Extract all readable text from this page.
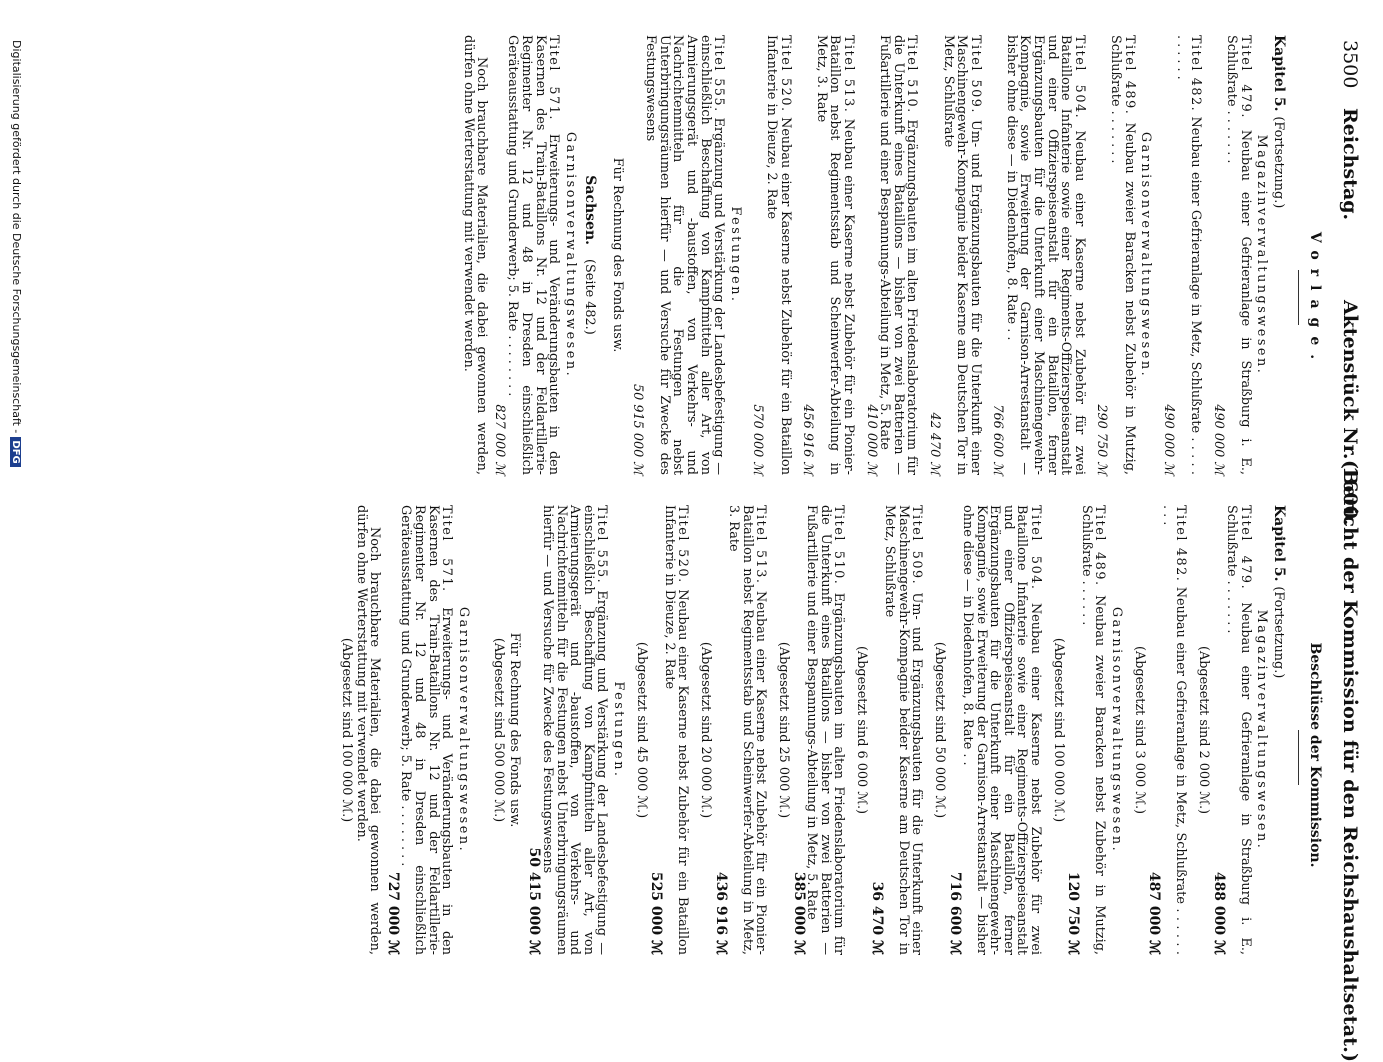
3500
Reichstag.
Aktenstück Nr. 1600.
(Bericht der Kommission für den Reichshaushaltsetat.)
Vorlage.
Beschlüsse der Kommission.
Kapitel 5. (Fortsetzung.)
Magazinverwaltungswesen.
Titel 479. Neubau einer Gefrieranlage in Straßburg i. E., Schlußrate . . . . . . .
490 000 ℳ
Titel 482. Neubau einer Gefrieranlage in Metz, Schlußrate . . . . . . . . . . .
490 000 ℳ
Garnisonverwaltungswesen.
Titel 489. Neubau zweier Baracken nebst Zubehör in Mutzig, Schlußrate . . . . . . .
290 750 ℳ
Titel 504. Neubau einer Kaserne nebst Zubehör für zwei Bataillone Infanterie sowie einer Regiments-Offizierspeiseanstalt und einer Offizierspeiseanstalt für ein Bataillon, ferner Ergänzungsbauten für die Unterkunft einer Maschinengewehr-Kompagnie, sowie Erweiterung der Garnison-Arrestanstalt — bisher ohne diese — in Diedenhofen, 8. Rate . .
766 600 ℳ
Titel 509. Um- und Ergänzungsbauten für die Unterkunft einer Maschinengewehr-Kompagnie beider Kaserne am Deutschen Tor in Metz, Schlußrate
42 470 ℳ
Titel 510. Ergänzungsbauten im alten Friedenslaboratorium für die Unterkunft eines Bataillons — bisher von zwei Batterien — Fußartillerie und einer Bespannungs-Abteilung in Metz, 5. Rate
410 000 ℳ
Titel 513. Neubau einer Kaserne nebst Zubehör für ein Pionier-Bataillon nebst Regimentsstab und Scheinwerfer-Abteilung in Metz, 3. Rate
456 916 ℳ
Titel 520. Neubau einer Kaserne nebst Zubehör für ein Bataillon Infanterie in Dieuze, 2. Rate
570 000 ℳ
Festungen.
Titel 555. Ergänzung und Verstärkung der Landesbefestigung — einschließlich Beschaffung von Kampfmitteln aller Art, von Armierungsgerät und -baustoffen, von Verkehrs- und Nachrichtenmitteln für die Festungen nebst Unterbringungsräumen hierfür — und Versuche für Zwecke des Festungswesens
50 915 000 ℳ
Für Rechnung des Fonds usw.
Sachsen.(Seite 482.)
Garnisonverwaltungswesen.
Titel 571. Erweiterungs- und Veränderungsbauten in den Kasernen des Train-Bataillons Nr. 12 und der Feldartillerie-Regimenter Nr. 12 und 48 in Dresden einschließlich Geräteausstattung und Grunderwerb; 5. Rate . . . . . . . .
827 000 ℳ
Noch brauchbare Materialien, die dabei gewonnen werden, dürfen ohne Werterstattung mit verwendet werden.
Kapitel 5. (Fortsetzung.)
Magazinverwaltungswesen.
Titel 479. Neubau einer Gefrieranlage in Straßburg i. E., Schlußrate . . . . . . .
488 000 ℳ
(Abgesetzt sind 2 000 ℳ.)
Titel 482. Neubau einer Gefrieranlage in Metz, Schlußrate . . . . . . . . .
487 000 ℳ
(Abgesetzt sind 3 000 ℳ.)
Garnisonverwaltungswesen.
Titel 489. Neubau zweier Baracken nebst Zubehör in Mutzig, Schlußrate . . . . . .
120 750 ℳ
(Abgesetzt sind 100 000 ℳ.)
Titel 504. Neubau einer Kaserne nebst Zubehör für zwei Bataillone Infanterie sowie einer Regiments-Offizierspeiseanstalt und einer Offizierspeiseanstalt für ein Bataillon, ferner Ergänzungsbauten für die Unterkunft einer Maschinengewehr-Kompagnie, sowie Erweiterung der Garnison-Arrestanstalt — bisher ohne diese — in Diedenhofen, 8. Rate . .
716 600 ℳ
(Abgesetzt sind 50 000 ℳ.)
Titel 509. Um- und Ergänzungsbauten für die Unterkunft einer Maschinengewehr-Kompagnie beider Kaserne am Deutschen Tor in Metz, Schlußrate
36 470 ℳ
(Abgesetzt sind 6 000 ℳ.)
Titel 510. Ergänzungsbauten im alten Friedenslaboratorium für die Unterkunft eines Bataillons — bisher von zwei Batterien — Fußartillerie und einer Bespannungs-Abteilung in Metz, 5. Rate
385 000 ℳ
(Abgesetzt sind 25 000 ℳ.)
Titel 513. Neubau einer Kaserne nebst Zubehör für ein Pionier-Bataillon nebst Regimentsstab und Scheinwerfer-Abteilung in Metz, 3. Rate
436 916 ℳ
(Abgesetzt sind 20 000 ℳ.)
Titel 520. Neubau einer Kaserne nebst Zubehör für ein Bataillon Infanterie in Dieuze, 2. Rate
525 000 ℳ
(Abgesetzt sind 45 000 ℳ.)
Festungen.
Titel 555. Ergänzung und Verstärkung der Landesbefestigung — einschließlich Beschaffung von Kampfmitteln aller Art, von Armierungsgerät und -baustoffen, von Verkehrs- und Nachrichtenmitteln für die Festungen nebst Unterbringungsräumen hierfür — und Versuche für Zwecke des Festungswesens
50 415 000 ℳ
Für Rechnung des Fonds usw.
(Abgesetzt sind 500 000 ℳ.)
Garnisonverwaltungswesen.
Titel 571. Erweiterungs- und Veränderungsbauten in den Kasernen des Train-Bataillons Nr. 12 und der Feldartillerie-Regimenter Nr. 12 und 48 in Dresden einschließlich Geräteausstattung und Grunderwerb; 5. Rate . . . . . . . .
727 000 ℳ
Noch brauchbare Materialien, die dabei gewonnen werden, dürfen ohne Werterstattung mit verwendet werden.
(Abgesetzt sind 100 000 ℳ.)
Digitalisierung gefördert durch die Deutsche Forschungsgemeinschaft -DFG
